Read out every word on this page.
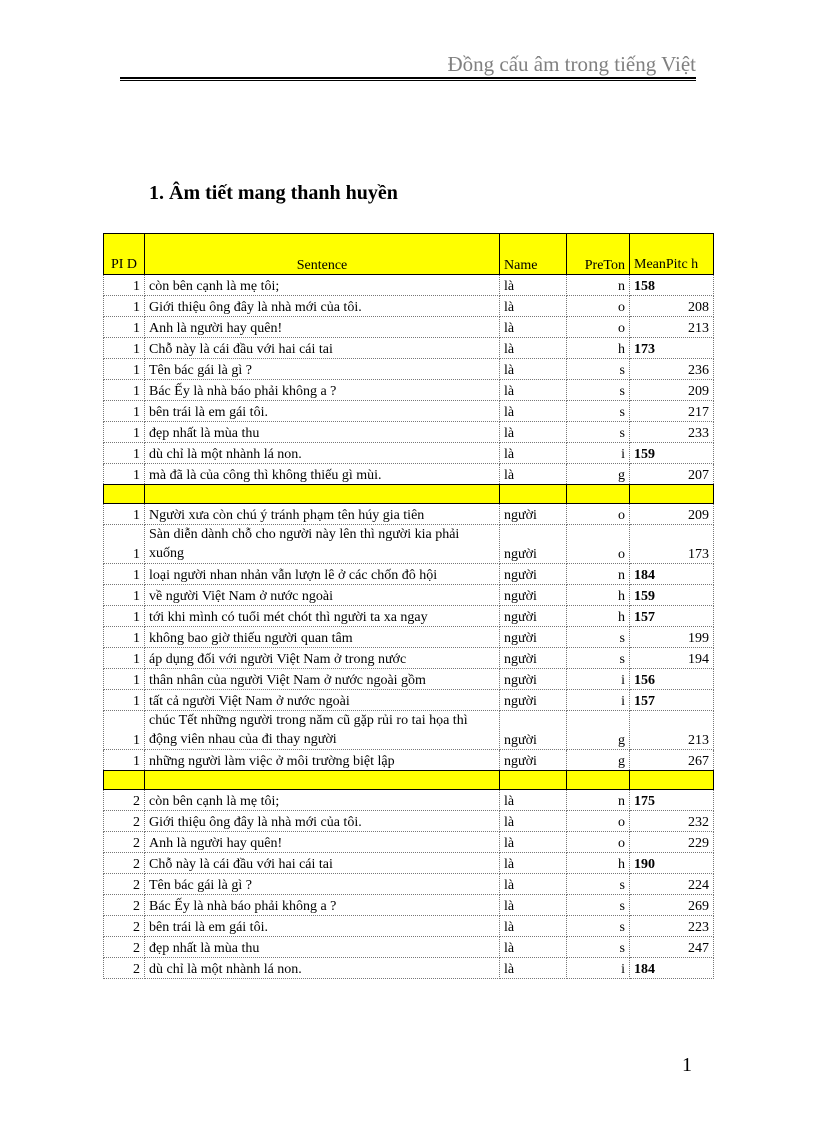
Đồng cấu âm trong tiếng Việt
1. Âm tiết mang thanh huyền
PI D	Sentence	Name	PreTon	MeanPitc h
1	còn bên cạnh là mẹ tôi;	là	n	158
1	Giới thiệu ông đây là nhà mới của tôi.	là	o	208
1	Anh là người hay quên!	là	o	213
1	Chỗ này là cái đầu với hai cái tai	là	h	173
1	Tên bác gái là gì ?	là	s	236
1	Bác Ếy là nhà báo phải không a ?	là	s	209
1	bên trái là em gái tôi.	là	s	217
1	đẹp nhất là mùa thu	là	s	233
1	dù chỉ là một nhành lá non.	là	i	159
1	mà đã là của công thì không thiếu gì mùi.	là	g	207

1	Người xưa còn chú ý tránh phạm tên húy gia tiên	người	o	209
1	Sàn diễn dành chỗ cho người này lên thì người kia phải xuống	người	o	173
1	loại người nhan nhản vẫn lượn lê ở các chốn đô hội	người	n	184
1	về người Việt Nam ở nước ngoài	người	h	159
1	tới khi mình có tuổi mét chót thì người ta xa ngay	người	h	157
1	không bao giờ thiếu người quan tâm	người	s	199
1	áp dụng đối với người Việt Nam ở trong nước	người	s	194
1	thân nhân của người Việt Nam ở nước ngoài gồm	người	i	156
1	tất cả người Việt Nam ở nước ngoài	người	i	157
1	chúc Tết những người trong năm cũ gặp rủi ro tai họa thì động viên nhau của đi thay người	người	g	213
1	những người làm việc ở môi trường biệt lập	người	g	267

2	còn bên cạnh là mẹ tôi;	là	n	175
2	Giới thiệu ông đây là nhà mới của tôi.	là	o	232
2	Anh là người hay quên!	là	o	229
2	Chỗ này là cái đầu với hai cái tai	là	h	190
2	Tên bác gái là gì ?	là	s	224
2	Bác Ếy là nhà báo phải không a ?	là	s	269
2	bên trái là em gái tôi.	là	s	223
2	đẹp nhất là mùa thu	là	s	247
2	dù chỉ là một nhành lá non.	là	i	184
1
